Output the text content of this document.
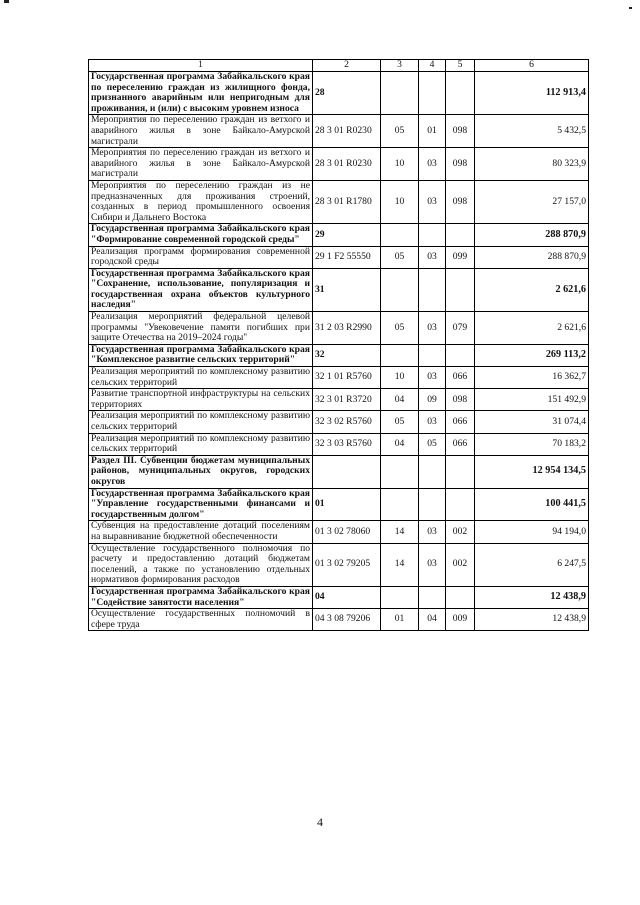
1	2	3	4	5	6
Государственная программа Забайкальского края по переселению граждан из жилищного фонда, признанного аварийным или непригодным для проживания, и (или) с высоким уровнем износа	28				112 913,4
Мероприятия по переселению граждан из ветхого и аварийного жилья в зоне Байкало-Амурской магистрали	28 3 01 R0230	05	01	098	5 432,5
Мероприятия по переселению граждан из ветхого и аварийного жилья в зоне Байкало-Амурской магистрали	28 3 01 R0230	10	03	098	80 323,9
Мероприятия по переселению граждан из не предназначенных для проживания строений, созданных в период промышленного освоения Сибири и Дальнего Востока	28 3 01 R1780	10	03	098	27 157,0
Государственная программа Забайкальского края "Формирование современной городской среды"	29				288 870,9
Реализация программ формирования современной городской среды	29 1 F2 55550	05	03	099	288 870,9
Государственная программа Забайкальского края "Сохранение, использование, популяризация и государственная охрана объектов культурного наследия"	31				2 621,6
Реализация мероприятий федеральной целевой программы "Увековечение памяти погибших при защите Отечества на 2019–2024 годы"	31 2 03 R2990	05	03	079	2 621,6
Государственная программа Забайкальского края "Комплексное развитие сельских территорий"	32				269 113,2
Реализация мероприятий по комплексному развитию сельских территорий	32 1 01 R5760	10	03	066	16 362,7
Развитие транспортной инфраструктуры на сельских территориях	32 3 01 R3720	04	09	098	151 492,9
Реализация мероприятий по комплексному развитию сельских территорий	32 3 02 R5760	05	03	066	31 074,4
Реализация мероприятий по комплексному развитию сельских территорий	32 3 03 R5760	04	05	066	70 183,2
Раздел III. Субвенции бюджетам муниципальных районов, муниципальных округов, городских округов					12 954 134,5
Государственная программа Забайкальского края "Управление государственными финансами и государственным долгом"	01				100 441,5
Субвенция на предоставление дотаций поселениям на выравнивание бюджетной обеспеченности	01 3 02 78060	14	03	002	94 194,0
Осуществление государственного полномочия по расчету и предоставлению дотаций бюджетам поселений, а также по установлению отдельных нормативов формирования расходов	01 3 02 79205	14	03	002	6 247,5
Государственная программа Забайкальского края "Содействие занятости населения"	04				12 438,9
Осуществление государственных полномочий в сфере труда	04 3 08 79206	01	04	009	12 438,9
4
